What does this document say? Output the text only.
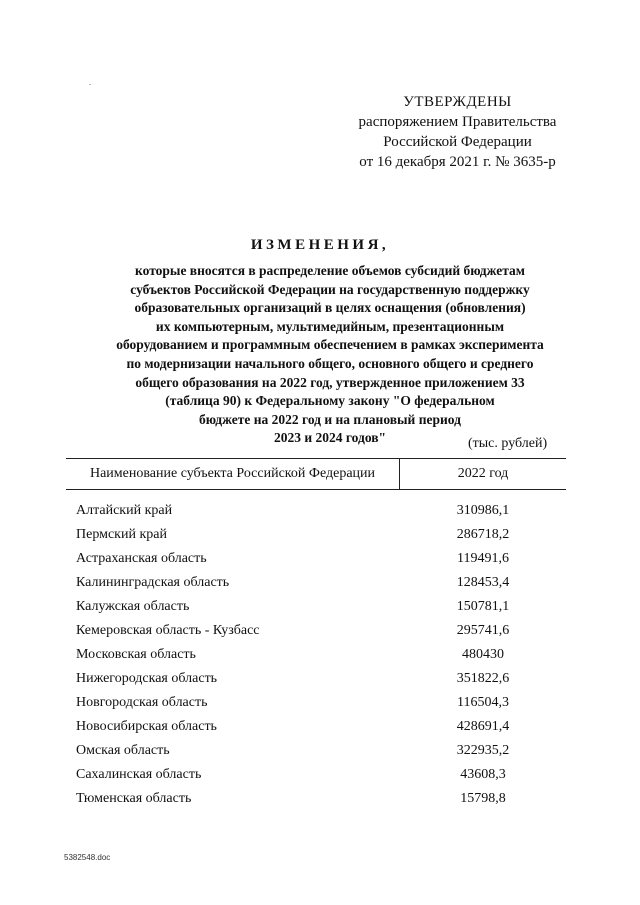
УТВЕРЖДЕНЫ
распоряжением Правительства
Российской Федерации
от 16 декабря 2021 г. № 3635-р
ИЗМЕНЕНИЯ,
которые вносятся в распределение объемов субсидий бюджетам
субъектов Российской Федерации на государственную поддержку
образовательных организаций в целях оснащения (обновления)
их компьютерным, мультимедийным, презентационным
оборудованием и программным обеспечением в рамках эксперимента
по модернизации начального общего, основного общего и среднего
общего образования на 2022 год, утвержденное приложением 33
(таблица 90) к Федеральному закону "О федеральном
бюджете на 2022 год и на плановый период
2023 и 2024 годов"	(тыс. рублей)
Наименование субъекта Российской Федерации	2022 год
Алтайский край	310986,1
Пермский край	286718,2
Астраханская область	119491,6
Калининградская область	128453,4
Калужская область	150781,1
Кемеровская область - Кузбасс	295741,6
Московская область	480430
Нижегородская область	351822,6
Новгородская область	116504,3
Новосибирская область	428691,4
Омская область	322935,2
Сахалинская область	43608,3
Тюменская область	15798,8
5382548.doc
